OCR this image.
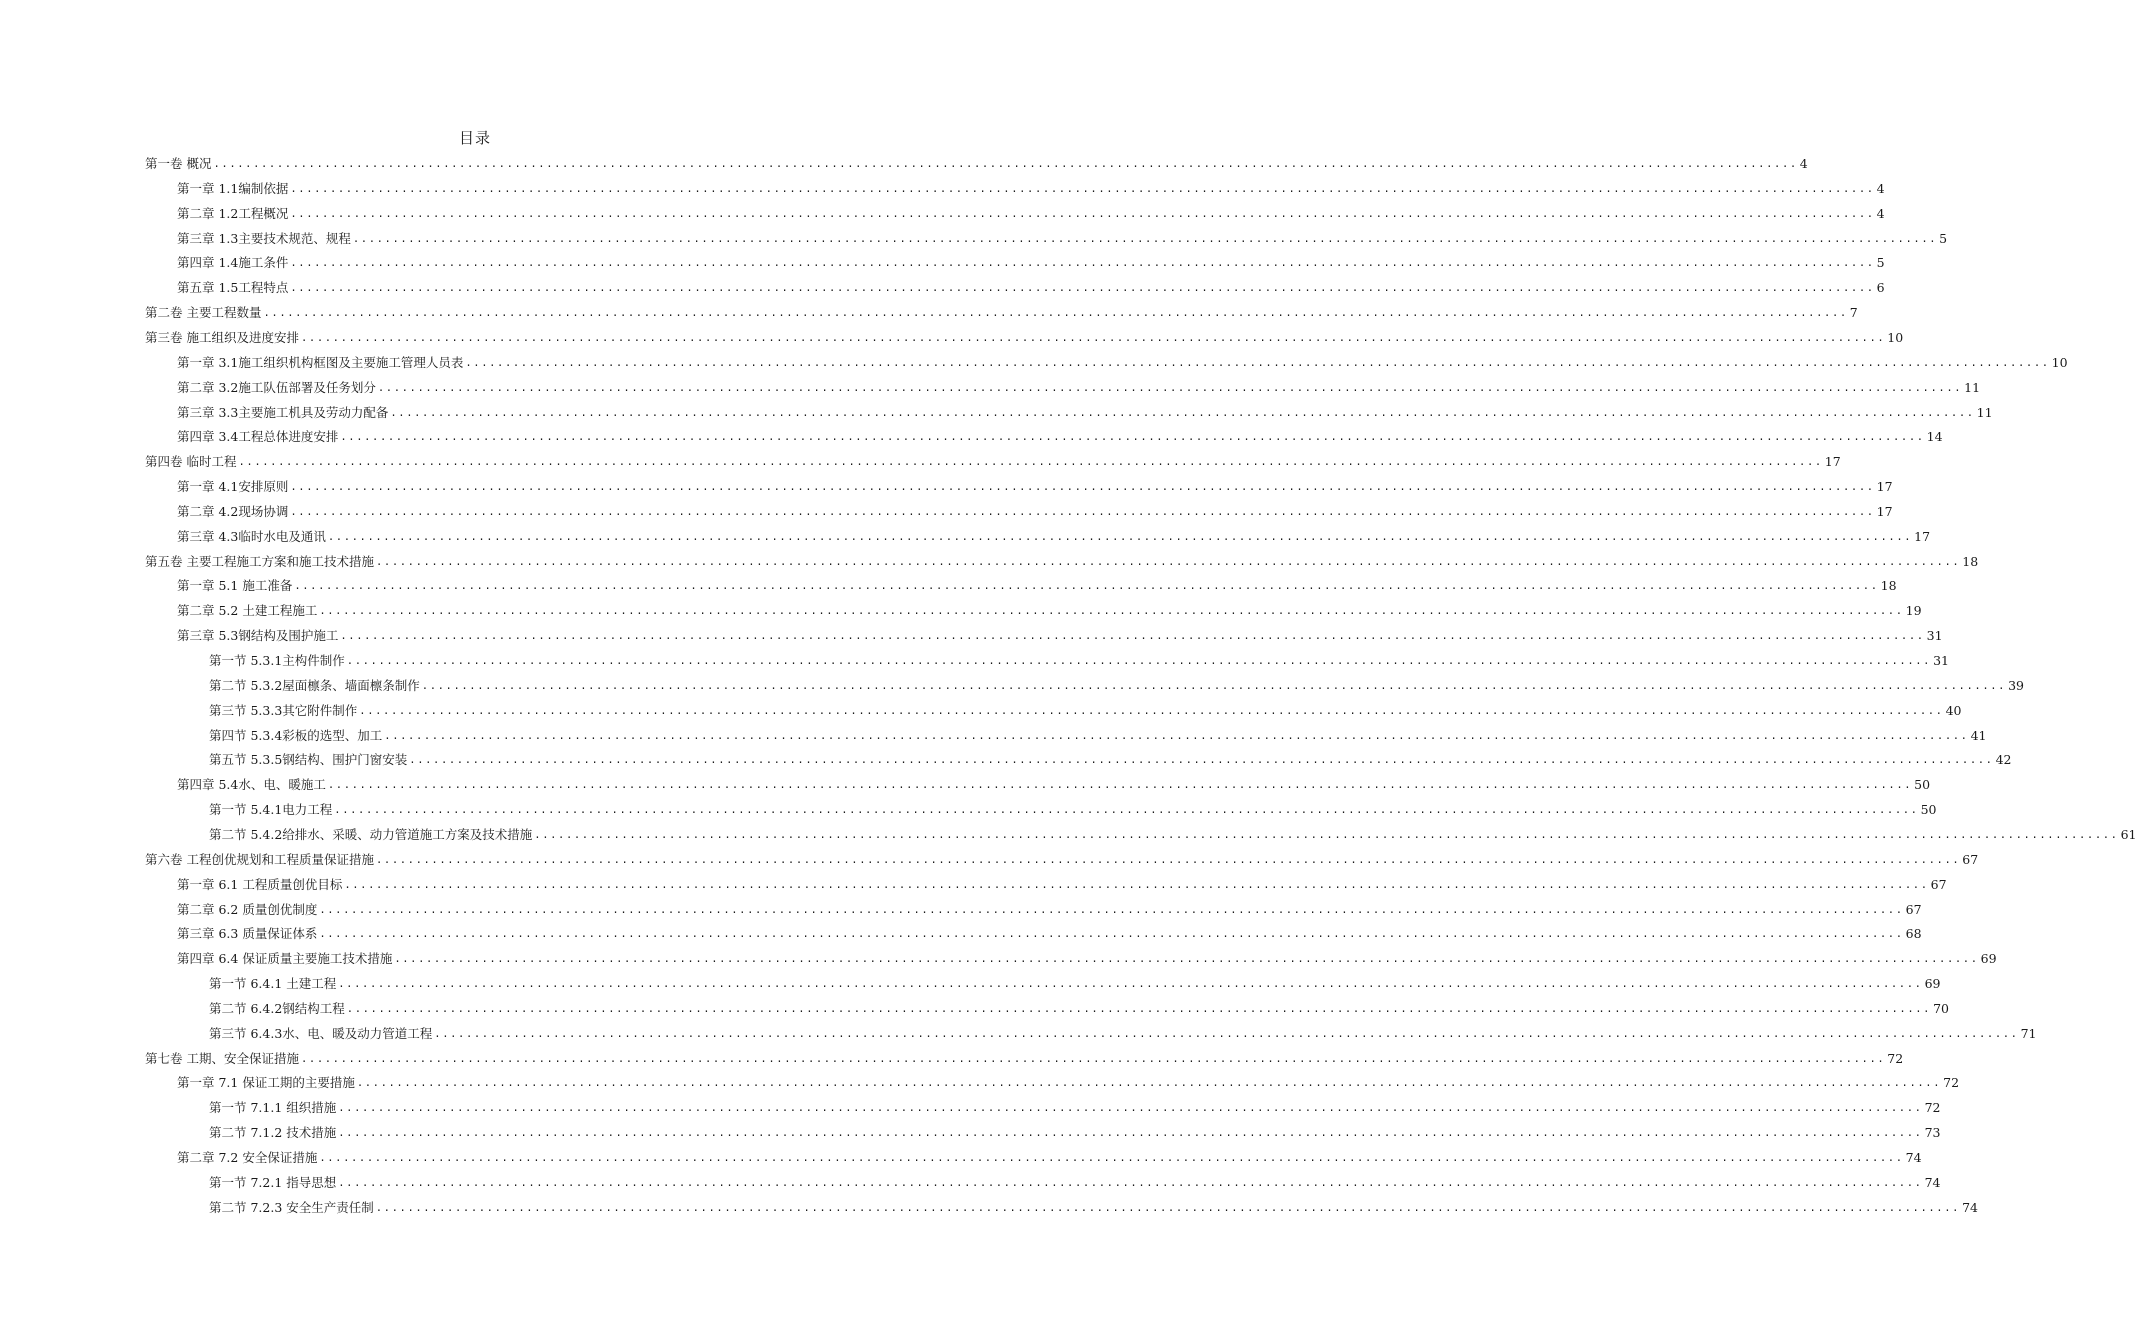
目录
第一卷 概况 ........................................................................................................................................................................................................ 4
第一章 1.1编制依据 ........................................................................................................................................................................................................ 4
第二章 1.2工程概况 ........................................................................................................................................................................................................ 4
第三章 1.3主要技术规范、规程 ........................................................................................................................................................................................................ 5
第四章 1.4施工条件 ........................................................................................................................................................................................................ 5
第五章 1.5工程特点 ........................................................................................................................................................................................................ 6
第二卷 主要工程数量 ........................................................................................................................................................................................................ 7
第三卷 施工组织及进度安排 ........................................................................................................................................................................................................ 10
第一章 3.1施工组织机构框图及主要施工管理人员表 ........................................................................................................................................................................................................ 10
第二章 3.2施工队伍部署及任务划分 ........................................................................................................................................................................................................ 11
第三章 3.3主要施工机具及劳动力配备 ........................................................................................................................................................................................................ 11
第四章 3.4工程总体进度安排 ........................................................................................................................................................................................................ 14
第四卷 临时工程 ........................................................................................................................................................................................................ 17
第一章 4.1安排原则 ........................................................................................................................................................................................................ 17
第二章 4.2现场协调 ........................................................................................................................................................................................................ 17
第三章 4.3临时水电及通讯 ........................................................................................................................................................................................................ 17
第五卷 主要工程施工方案和施工技术措施 ........................................................................................................................................................................................................ 18
第一章 5.1 施工准备 ........................................................................................................................................................................................................ 18
第二章 5.2 土建工程施工 ........................................................................................................................................................................................................ 19
第三章 5.3钢结构及围护施工 ........................................................................................................................................................................................................ 31
第一节 5.3.1主构件制作 ........................................................................................................................................................................................................ 31
第二节 5.3.2屋面檩条、墙面檩条制作 ........................................................................................................................................................................................................ 39
第三节 5.3.3其它附件制作 ........................................................................................................................................................................................................ 40
第四节 5.3.4彩板的选型、加工 ........................................................................................................................................................................................................ 41
第五节 5.3.5钢结构、围护门窗安装 ........................................................................................................................................................................................................ 42
第四章 5.4水、电、暖施工 ........................................................................................................................................................................................................ 50
第一节 5.4.1电力工程 ........................................................................................................................................................................................................ 50
第二节 5.4.2给排水、采暖、动力管道施工方案及技术措施 ........................................................................................................................................................................................................ 61
第六卷 工程创优规划和工程质量保证措施 ........................................................................................................................................................................................................ 67
第一章 6.1 工程质量创优目标 ........................................................................................................................................................................................................ 67
第二章 6.2 质量创优制度 ........................................................................................................................................................................................................ 67
第三章 6.3 质量保证体系 ........................................................................................................................................................................................................ 68
第四章 6.4 保证质量主要施工技术措施 ........................................................................................................................................................................................................ 69
第一节 6.4.1 土建工程 ........................................................................................................................................................................................................ 69
第二节 6.4.2钢结构工程 ........................................................................................................................................................................................................ 70
第三节 6.4.3水、电、暖及动力管道工程 ........................................................................................................................................................................................................ 71
第七卷 工期、安全保证措施 ........................................................................................................................................................................................................ 72
第一章 7.1 保证工期的主要措施 ........................................................................................................................................................................................................ 72
第一节 7.1.1 组织措施 ........................................................................................................................................................................................................ 72
第二节 7.1.2 技术措施 ........................................................................................................................................................................................................ 73
第二章 7.2 安全保证措施 ........................................................................................................................................................................................................ 74
第一节 7.2.1 指导思想 ........................................................................................................................................................................................................ 74
第二节 7.2.3 安全生产责任制 ........................................................................................................................................................................................................ 74
